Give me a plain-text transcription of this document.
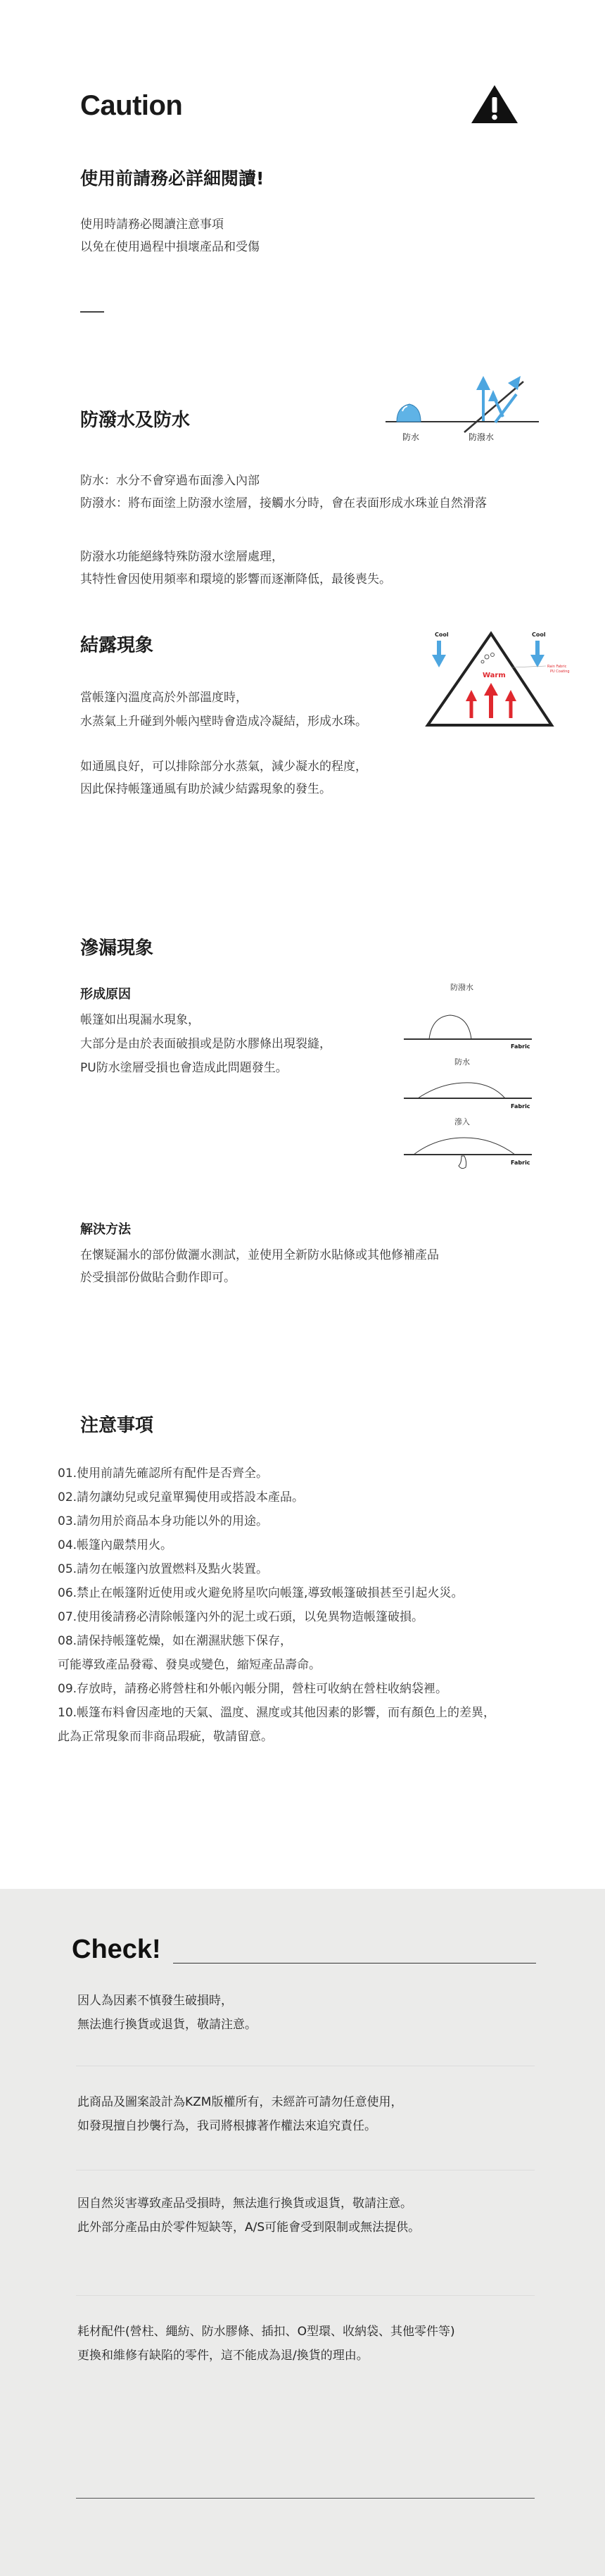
Caution
使用前請務必詳細閱讀!
使用時請務必閱讀注意事項
以免在使用過程中損壞產品和受傷
防潑水及防水
防水	防潑水
防水：水分不會穿過布面滲入內部
防潑水：將布面塗上防潑水塗層，接觸水分時，會在表面形成水珠並自然滑落
防潑水功能絕緣特殊防潑水塗層處理，
其特性會因使用頻率和環境的影響而逐漸降低，最後喪失。
結露現象
Cool	Cool
Warm
Rain Fabric
PU Coating
當帳篷內溫度高於外部溫度時，
水蒸氣上升碰到外帳內壁時會造成冷凝結，形成水珠。
如通風良好，可以排除部分水蒸氣，減少凝水的程度，
因此保持帳篷通風有助於減少結露現象的發生。
滲漏現象
形成原因
帳篷如出現漏水現象，
大部分是由於表面破損或是防水膠條出現裂縫，
PU防水塗層受損也會造成此問題發生。
防潑水
Fabric
防水
Fabric
滲入
Fabric
解決方法
在懷疑漏水的部份做灑水測試，並使用全新防水貼條或其他修補產品
於受損部份做貼合動作即可。
注意事項
01.使用前請先確認所有配件是否齊全。
02.請勿讓幼兒或兒童單獨使用或搭設本產品。
03.請勿用於商品本身功能以外的用途。
04.帳篷內嚴禁用火。
05.請勿在帳篷內放置燃料及點火裝置。
06.禁止在帳篷附近使用或火避免將星吹向帳篷,導致帳篷破損甚至引起火災。
07.使用後請務必清除帳篷內外的泥土或石頭，以免異物造帳篷破損。
08.請保持帳篷乾燥，如在潮濕狀態下保存，
可能導致產品發霉、發臭或變色，縮短產品壽命。
09.存放時，請務必將營柱和外帳內帳分開，營柱可收納在營柱收納袋裡。
10.帳篷布料會因產地的天氣、溫度、濕度或其他因素的影響，而有顏色上的差異，
此為正常現象而非商品瑕疵，敬請留意。
Check!
因人為因素不慎發生破損時，
無法進行換貨或退貨，敬請注意。
此商品及圖案設計為KZM版權所有，未經許可請勿任意使用，
如發現擅自抄襲行為，我司將根據著作權法來追究責任。
因自然災害導致產品受損時，無法進行換貨或退貨，敬請注意。
此外部分產品由於零件短缺等，A/S可能會受到限制或無法提供。
耗材配件(營柱、繩紡、防水膠條、插扣、O型環、收納袋、其他零件等)
更換和維修有缺陷的零件，這不能成為退/換貨的理由。
